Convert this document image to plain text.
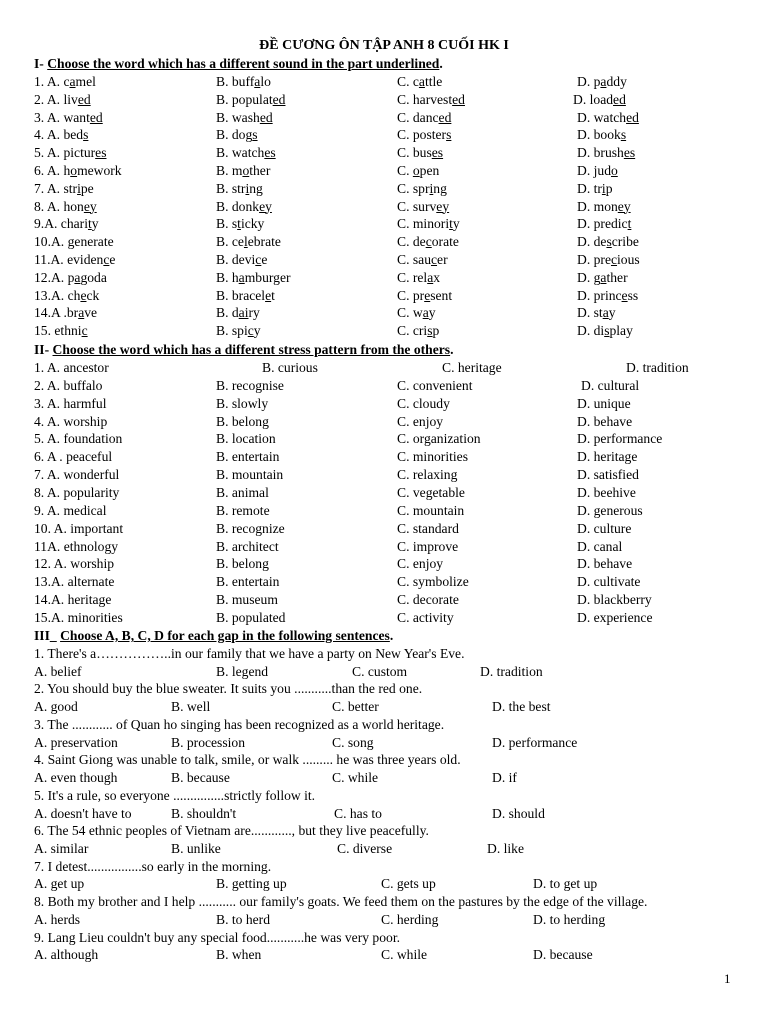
ĐỀ CƯƠNG ÔN TẬP ANH 8 CUỐI HK I
I- Choose the word which has a different sound in the part underlined.
1. A. camel	B. buffalo	C. cattle	D. paddy
2. A. lived	B. populated	C. harvested	D. loaded
3. A. wanted	B. washed	C. danced	D. watched
4. A. beds	B. dogs	C. posters	D. books
5. A. pictures	B. watches	C. buses	D. brushes
6. A. homework	B. mother	C. open	D. judo
7. A. stripe	B. string	C. spring	D. trip
8. A. honey	B. donkey	C. survey	D. money
9.A. charity	B. sticky	C. minority	D. predict
10.A. generate	B. celebrate	C. decorate	D. describe
11.A. evidence	B. device	C. saucer	D. precious
12.A. pagoda	B. hamburger	C. relax	D. gather
13.A. check	B. bracelet	C. present	D. princess
14.A .brave	B. dairy	C. way	D. stay
15. ethnic	B. spicy	C. crisp	D. display
II- Choose the word which has a different stress pattern from the others.
1. A. ancestor	B. curious	C. heritage	D. tradition
2. A. buffalo	B. recognise	C. convenient	D. cultural
3. A. harmful	B. slowly	C. cloudy	D. unique
4. A. worship	B. belong	C. enjoy	D. behave
5. A. foundation	B. location	C. organization	D. performance
6. A . peaceful	B. entertain	C. minorities	D. heritage
7. A. wonderful	B. mountain	C. relaxing	D. satisfied
8. A. popularity	B. animal	C. vegetable	D. beehive
9. A. medical	B. remote	C. mountain	D. generous
10. A. important	B. recognize	C. standard	D. culture
11A. ethnology	B. architect	C. improve	D. canal
12. A. worship	B. belong	C. enjoy	D. behave
13.A. alternate	B. entertain	C. symbolize	D. cultivate
14.A. heritage	B. museum	C. decorate	D. blackberry
15.A. minorities	B. populated	C. activity	D. experience
III_ Choose A, B, C, D for each gap in the following sentences.
1. There's a……………..in our family that we have a party on New Year's Eve.
A. belief	B. legend	C. custom	D. tradition
2. You should buy the blue sweater. It suits you ...........than the red one.
A. good	B. well	C. better	D. the best
3. The ............ of Quan ho singing has been recognized as a world heritage.
A. preservation	B. procession	C. song	D. performance
4. Saint Giong was unable to talk, smile, or walk ......... he was three years old.
A. even though	B. because	C. while	D. if
5. It's a rule, so everyone ...............strictly follow it.
A. doesn't have to	B. shouldn't	C. has to	D. should
6. The 54 ethnic peoples of Vietnam are............, but they live peacefully.
A. similar	B. unlike	C. diverse	D. like
7. I detest................so early in the morning.
A. get up	B. getting up	C. gets up	D. to get up
8. Both my brother and I help ........... our family's goats. We feed them on the pastures by the edge of the village.
A. herds	B. to herd	C. herding	D. to herding
9. Lang Lieu couldn't buy any special food...........he was very poor.
A. although	B. when	C. while	D. because
1
